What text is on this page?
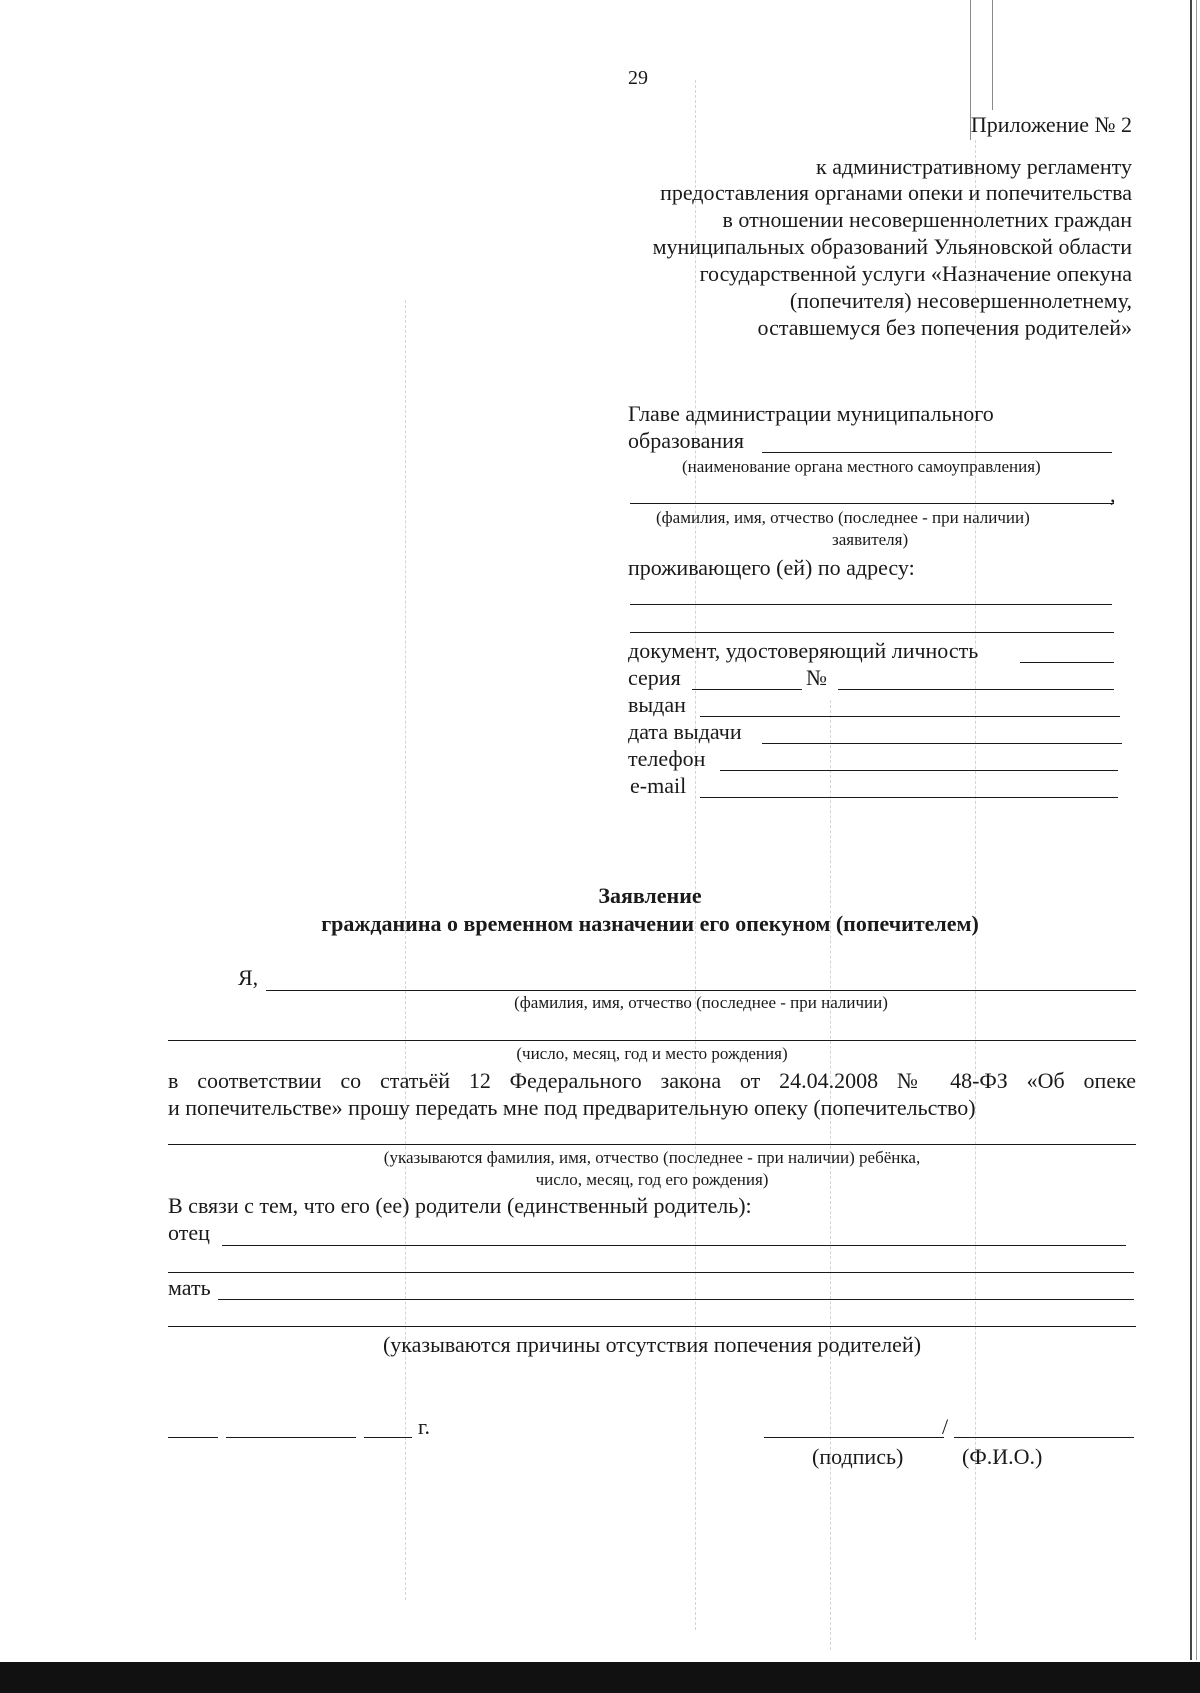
29
Приложение № 2
к административному регламенту
предоставления органами опеки и попечительства
в отношении несовершеннолетних граждан
муниципальных образований Ульяновской области
государственной услуги «Назначение опекуна
(попечителя) несовершеннолетнему,
оставшемуся без попечения родителей»
Главе администрации муниципального
образования
(наименование органа местного самоуправления)
,
(фамилия, имя, отчество (последнее - при наличии)
заявителя)
проживающего (ей) по адресу:
документ, удостоверяющий личность
серия	№
выдан
дата выдачи
телефон
e-mail
Заявление
гражданина о временном назначении его опекуном (попечителем)
Я,
(фамилия, имя, отчество (последнее - при наличии)
(число, месяц, год и место рождения)
в соответствии со статьёй 12 Федерального закона от 24.04.2008 № 48-ФЗ «Об опеке
и попечительстве» прошу передать мне под предварительную опеку (попечительство)
(указываются фамилия, имя, отчество (последнее - при наличии) ребёнка,
число, месяц, год его рождения)
В связи с тем, что его (ее) родители (единственный родитель):
отец
мать
(указываются причины отсутствия попечения родителей)
г.	/
(подпись)	(Ф.И.О.)
